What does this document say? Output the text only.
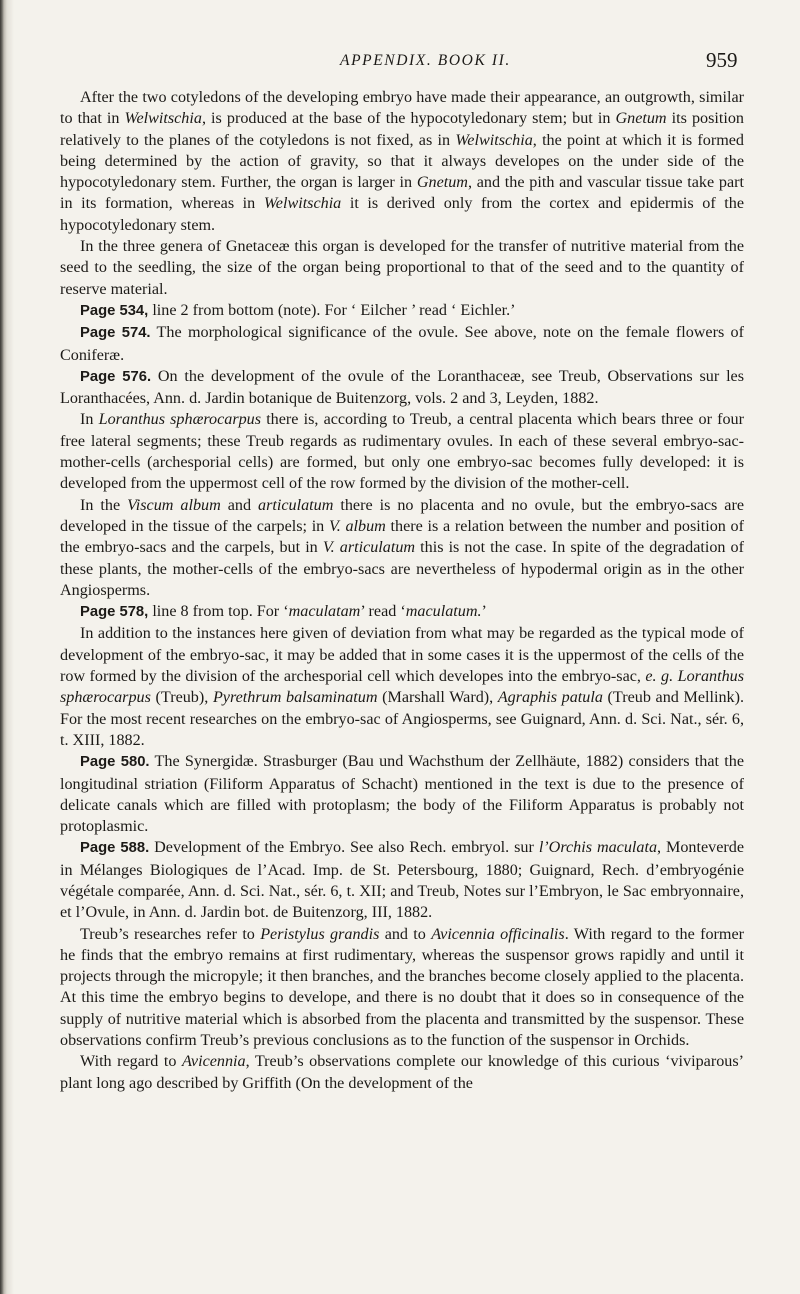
APPENDIX. BOOK II.	959

After the two cotyledons of the developing embryo have made their appearance, an outgrowth, similar to that in Welwitschia, is produced at the base of the hypocotyledonary stem; but in Gnetum its position relatively to the planes of the cotyledons is not fixed, as in Welwitschia, the point at which it is formed being determined by the action of gravity, so that it always developes on the under side of the hypocotyledonary stem. Further, the organ is larger in Gnetum, and the pith and vascular tissue take part in its formation, whereas in Welwitschia it is derived only from the cortex and epidermis of the hypocotyledonary stem.

In the three genera of Gnetaceæ this organ is developed for the transfer of nutritive material from the seed to the seedling, the size of the organ being proportional to that of the seed and to the quantity of reserve material.

Page 534, line 2 from bottom (note). For ‘ Eilcher ’ read ‘ Eichler.’

Page 574. The morphological significance of the ovule. See above, note on the female flowers of Coniferæ.

Page 576. On the development of the ovule of the Loranthaceæ, see Treub, Observations sur les Loranthacées, Ann. d. Jardin botanique de Buitenzorg, vols. 2 and 3, Leyden, 1882.

In Loranthus sphærocarpus there is, according to Treub, a central placenta which bears three or four free lateral segments; these Treub regards as rudimentary ovules. In each of these several embryo-sac-mother-cells (archesporial cells) are formed, but only one embryo-sac becomes fully developed: it is developed from the uppermost cell of the row formed by the division of the mother-cell.

In the Viscum album and articulatum there is no placenta and no ovule, but the embryo-sacs are developed in the tissue of the carpels; in V. album there is a relation between the number and position of the embryo-sacs and the carpels, but in V. articulatum this is not the case. In spite of the degradation of these plants, the mother-cells of the embryo-sacs are nevertheless of hypodermal origin as in the other Angiosperms.

Page 578, line 8 from top. For ‘maculatam’ read ‘maculatum.’

In addition to the instances here given of deviation from what may be regarded as the typical mode of development of the embryo-sac, it may be added that in some cases it is the uppermost of the cells of the row formed by the division of the archesporial cell which developes into the embryo-sac, e. g. Loranthus sphærocarpus (Treub), Pyrethrum balsaminatum (Marshall Ward), Agraphis patula (Treub and Mellink). For the most recent researches on the embryo-sac of Angiosperms, see Guignard, Ann. d. Sci. Nat., sér. 6, t. XIII, 1882.

Page 580. The Synergidæ. Strasburger (Bau und Wachsthum der Zellhäute, 1882) considers that the longitudinal striation (Filiform Apparatus of Schacht) mentioned in the text is due to the presence of delicate canals which are filled with protoplasm; the body of the Filiform Apparatus is probably not protoplasmic.

Page 588. Development of the Embryo. See also Rech. embryol. sur l’Orchis maculata, Monteverde in Mélanges Biologiques de l’Acad. Imp. de St. Petersbourg, 1880; Guignard, Rech. d’embryogénie végétale comparée, Ann. d. Sci. Nat., sér. 6, t. XII; and Treub, Notes sur l’Embryon, le Sac embryonnaire, et l’Ovule, in Ann. d. Jardin bot. de Buitenzorg, III, 1882.

Treub’s researches refer to Peristylus grandis and to Avicennia officinalis. With regard to the former he finds that the embryo remains at first rudimentary, whereas the suspensor grows rapidly and until it projects through the micropyle; it then branches, and the branches become closely applied to the placenta. At this time the embryo begins to develope, and there is no doubt that it does so in consequence of the supply of nutritive material which is absorbed from the placenta and transmitted by the suspensor. These observations confirm Treub’s previous conclusions as to the function of the suspensor in Orchids.

With regard to Avicennia, Treub’s observations complete our knowledge of this curious ‘viviparous’ plant long ago described by Griffith (On the development of the
